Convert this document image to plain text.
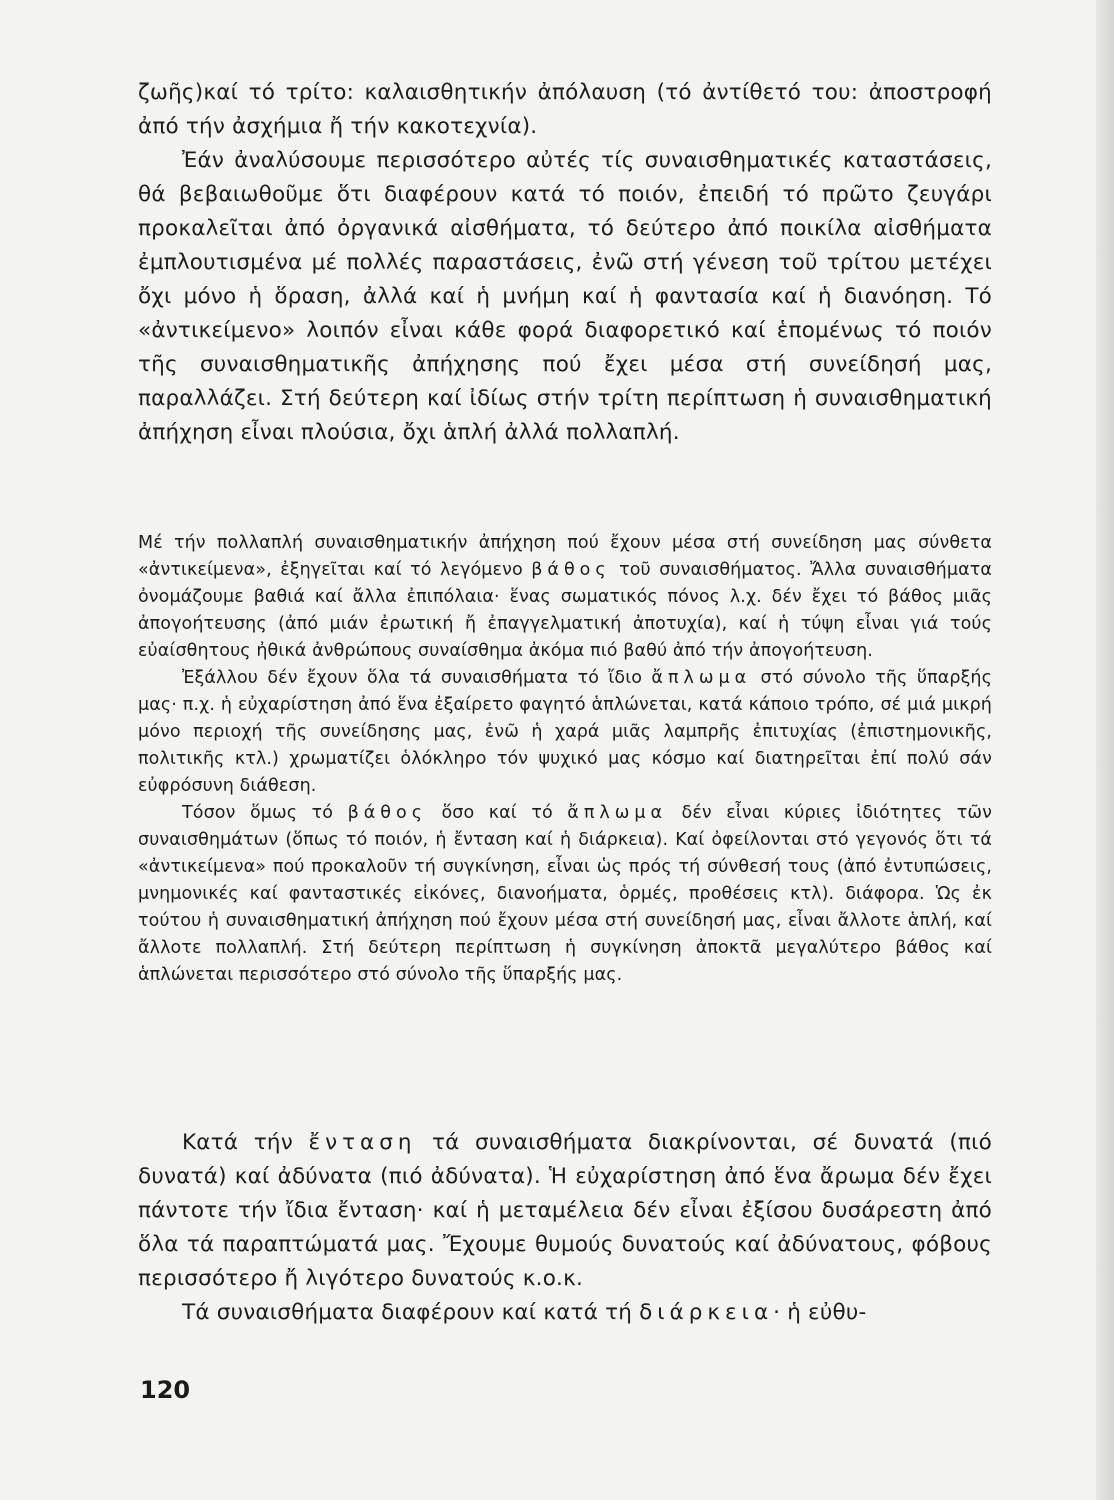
ζωῆς)καί τό τρίτο: καλαισθητικήν ἀπόλαυση (τό ἀντίθετό του: ἀποστροφή ἀπό τήν ἀσχήμια ἤ τήν κακοτεχνία).

Ἐάν ἀναλύσουμε περισσότερο αὐτές τίς συναισθηματικές καταστάσεις, θά βεβαιωθοῦμε ὅτι διαφέρουν κατά τό ποιόν, ἐπειδή τό πρῶτο ζευγάρι προκαλεῖται ἀπό ὀργανικά αἰσθήματα, τό δεύτερο ἀπό ποικίλα αἰσθήματα ἐμπλουτισμένα μέ πολλές παραστάσεις, ἐνῶ στή γένεση τοῦ τρίτου μετέχει ὄχι μόνο ἡ ὅραση, ἀλλά καί ἡ μνήμη καί ἡ φαντασία καί ἡ διανόηση. Τό «ἀντικείμενο» λοιπόν εἶναι κάθε φορά διαφορετικό καί ἑπομένως τό ποιόν τῆς συναισθηματικῆς ἀπήχησης πού ἔχει μέσα στή συνείδησή μας, παραλλάζει. Στή δεύτερη καί ἰδίως στήν τρίτη περίπτωση ἡ συναισθηματική ἀπήχηση εἶναι πλούσια, ὄχι ἁπλή ἀλλά πολλαπλή.

Μέ τήν πολλαπλή συναισθηματικήν ἀπήχηση πού ἔχουν μέσα στή συνείδηση μας σύνθετα «ἀντικείμενα», ἐξηγεῖται καί τό λεγόμενο βάθος τοῦ συναισθήματος. Ἄλλα συναισθήματα ὀνομάζουμε βαθιά καί ἄλλα ἐπιπόλαια· ἕνας σωματικός πόνος λ.χ. δέν ἔχει τό βάθος μιᾶς ἀπογοήτευσης (ἀπό μιάν ἐρωτική ἤ ἐπαγγελματική ἀποτυχία), καί ἡ τύψη εἶναι γιά τούς εὐαίσθητους ἠθικά ἀνθρώπους συναίσθημα ἀκόμα πιό βαθύ ἀπό τήν ἀπογοήτευση.

Ἐξάλλου δέν ἔχουν ὅλα τά συναισθήματα τό ἴδιο ἄπλωμα στό σύνολο τῆς ὕπαρξής μας· π.χ. ἡ εὐχαρίστηση ἀπό ἕνα ἐξαίρετο φαγητό ἁπλώνεται, κατά κάποιο τρόπο, σέ μιά μικρή μόνο περιοχή τῆς συνείδησης μας, ἐνῶ ἡ χαρά μιᾶς λαμπρῆς ἐπιτυχίας (ἐπιστημονικῆς, πολιτικῆς κτλ.) χρωματίζει ὁλόκληρο τόν ψυχικό μας κόσμο καί διατηρεῖται ἐπί πολύ σάν εὐφρόσυνη διάθεση.

Τόσον ὅμως τό βάθος ὅσο καί τό ἄπλωμα δέν εἶναι κύριες ἰδιότητες τῶν συναισθημάτων (ὅπως τό ποιόν, ἡ ἔνταση καί ἡ διάρκεια). Καί ὀφείλονται στό γεγονός ὅτι τά «ἀντικείμενα» πού προκαλοῦν τή συγκίνηση, εἶναι ὡς πρός τή σύνθεσή τους (ἀπό ἐντυπώσεις, μνημονικές καί φανταστικές εἰκόνες, διανοήματα, ὁρμές, προθέσεις κτλ). διάφορα. Ὡς ἐκ τούτου ἡ συναισθηματική ἀπήχηση πού ἔχουν μέσα στή συνείδησή μας, εἶναι ἄλλοτε ἁπλή, καί ἄλλοτε πολλαπλή. Στή δεύτερη περίπτωση ἡ συγκίνηση ἀποκτᾶ μεγαλύτερο βάθος καί ἁπλώνεται περισσότερο στό σύνολο τῆς ὕπαρξής μας.

Κατά τήν ἔνταση τά συναισθήματα διακρίνονται, σέ δυνατά (πιό δυνατά) καί ἀδύνατα (πιό ἀδύνατα). Ἡ εὐχαρίστηση ἀπό ἕνα ἄρωμα δέν ἔχει πάντοτε τήν ἴδια ἔνταση· καί ἡ μεταμέλεια δέν εἶναι ἐξίσου δυσάρεστη ἀπό ὅλα τά παραπτώματά μας. Ἔχουμε θυμούς δυνατούς καί ἀδύνατους, φόβους περισσότερο ἤ λιγότερο δυνατούς κ.ο.κ.

Τά συναισθήματα διαφέρουν καί κατά τή διάρκεια· ἡ εὐθυ-

120
